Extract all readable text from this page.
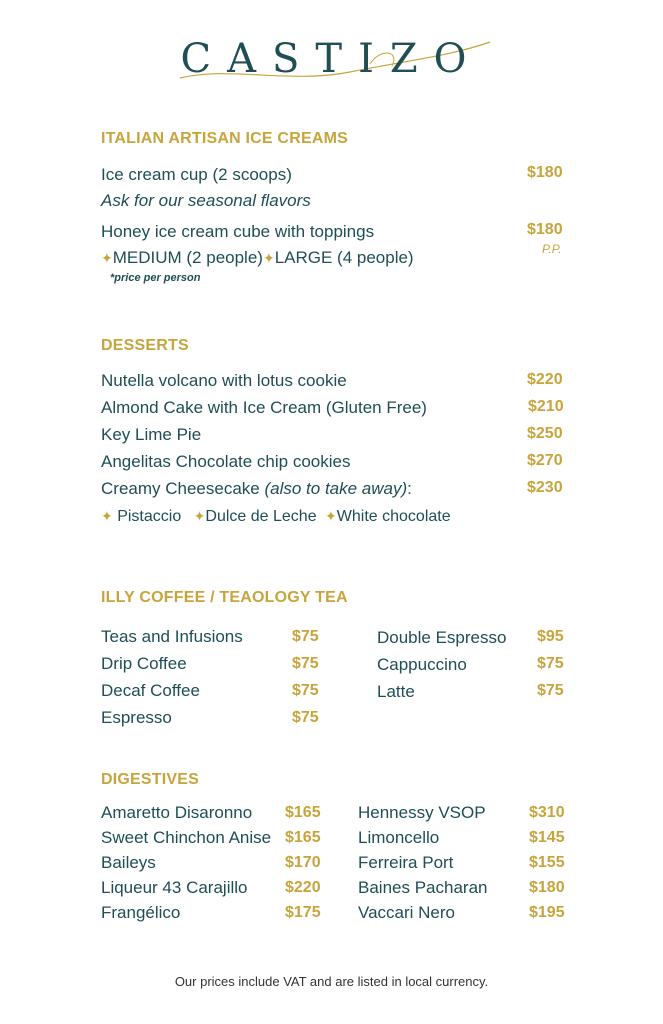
CASTIZO
ITALIAN ARTISAN ICE CREAMS
Ice cream cup (2 scoops)	$180
Ask for our seasonal flavors
Honey ice cream cube with toppings	$180
P.P.
✦MEDIUM (2 people)✦LARGE (4 people)
*price per person
DESSERTS
Nutella volcano with lotus cookie	$220
Almond Cake with Ice Cream (Gluten Free)	$210
Key Lime Pie	$250
Angelitas Chocolate chip cookies	$270
Creamy Cheesecake (also to take away):	$230
✦ Pistaccio ✦Dulce de Leche ✦White chocolate
ILLY COFFEE / TEAOLOGY TEA
Teas and Infusions	$75
Drip Coffee	$75
Decaf Coffee	$75
Espresso	$75
Double Espresso $95
Cappuccino	$75
Latte	$75
DIGESTIVES
Amaretto Disaronno $165
Sweet Chinchon Anise $165
Baileys	$170
Liqueur 43 Carajillo $220
Frangélico	$175
Hennessy VSOP	$310
Limoncello	$145
Ferreira Port	$155
Baines Pacharan	$180
Vaccari Nero	$195
Our prices include VAT and are listed in local currency.
